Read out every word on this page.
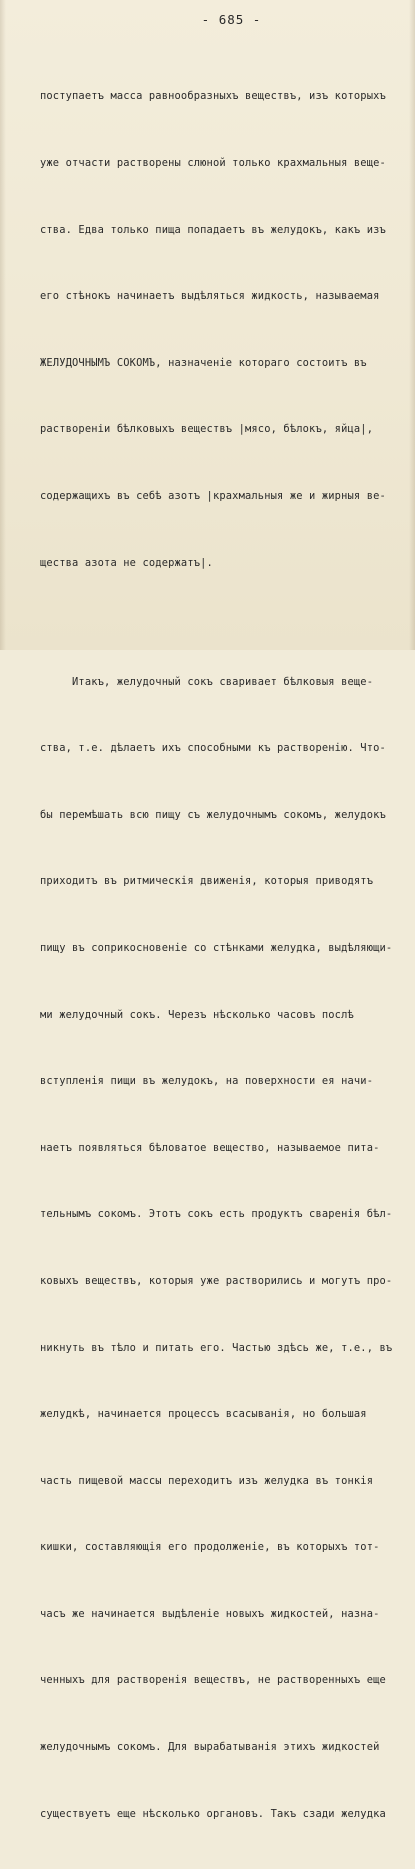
- 685 -

поступаетъ масса равнообразныхъ веществъ, изъ которыхъ

уже отчасти растворены слюной только крахмальныя веще-

ства. Едва только пища попадаетъ въ желудокъ, какъ изъ

его стѣнокъ начинаетъ выдѣляться жидкость, называемая

ЖЕЛУДОЧНЫМЪ СОКОМЪ, назначеніе котораго состоитъ въ

растворенiи бѣлковыхъ веществъ |мясо, бѣлокъ, яйца|,

содержащихъ въ себѣ азотъ |крахмальныя же и жирныя ве-

щества азота не содержатъ|.

Итакъ, желудочный сокъ сваривает бѣлковыя веще-

ства, т.е. дѣлаетъ ихъ способными къ растворенію. Чтo-

бы перемѣшать всю пищу съ желудочнымъ сокомъ, желудокъ

приходитъ въ ритмическія движенія, которыя приводятъ

пищу въ соприкосновеніе со стѣнками желудка, выдѣляющи-

ми желудочный сокъ. Черезъ нѣсколько часовъ послѣ

вступленія пищи въ желудокъ, на поверхности ея начи-

наетъ появляться бѣловатое вещество, называемое пита-

тельнымъ сокомъ. Этотъ сокъ есть продуктъ сваренія бѣл-

ковыхъ веществъ, которыя уже растворились и могутъ про-

никнуть въ тѣло и питать его. Частью здѣсь же, т.е., въ

желудкѣ, начинается процессъ всасыванія, но большая

часть пищевой массы переходитъ изъ желудка въ тонкія

кишки, составляющія его продолженіе, въ которыхъ тот-

часъ же начинается выдѣленіе новыхъ жидкостей, назна-

ченныхъ для растворенія веществъ, не растворенныхъ еще

желудочнымъ сокомъ. Для вырабатыванія этихъ жидкостей

существуетъ еще нѣсколько органовъ. Такъ сзади желудка
